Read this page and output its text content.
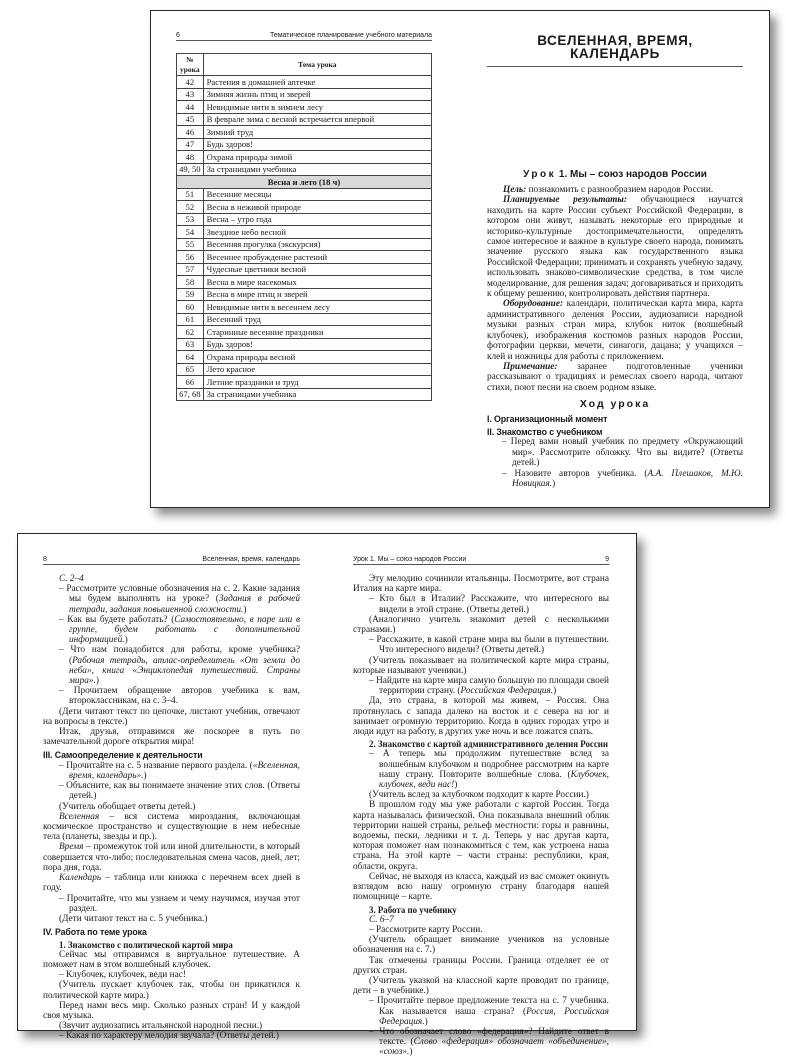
6	Тематическое планирование учебного материала
№ урока	Тема урока
42	Растения в домашней аптечке
43	Зимняя жизнь птиц и зверей
44	Невидимые нити в зимнем лесу
45	В феврале зима с весной встречается впервой
46	Зимний труд
47	Будь здоров!
48	Охрана природы зимой
49, 50	За страницами учебника
Весна и лето (18 ч)	
51	Весенние месяцы
52	Весна в неживой природе
53	Весна – утро года
54	Звездное небо весной
55	Весенняя прогулка (экскурсия)
56	Весеннее пробуждение растений
57	Чудесные цветники весной
58	Весна в мире насекомых
59	Весна в мире птиц и зверей
60	Невидимые нити в весеннем лесу
61	Весенний труд
62	Старинные весенние праздники
63	Будь здоров!
64	Охрана природы весной
65	Лето красное
66	Летние праздники и труд
67, 68	За страницами учебника
ВСЕЛЕННАЯ, ВРЕМЯ,
КАЛЕНДАРЬ
Урок 1. Мы – союз народов России
Цель: познакомить с разнообразием народов России.
Планируемые результаты: обучающиеся научатся находить на карте России субъект Российской Федерации, в котором они живут, называть некоторые его природные и историко-культурные достопримечательности, определять самое интересное и важное в культуре своего народа, понимать значение русского языка как государственного языка Российской Федерации; принимать и сохранять учебную задачу, использовать знаково-символические средства, в том числе моделирование, для решения задач; договариваться и приходить к общему решению, контролировать действия партнера.
Оборудование: календари, политическая карта мира, карта административного деления России, аудиозаписи народной музыки разных стран мира, клубок ниток (волшебный клубочек), изображения костюмов разных народов России, фотографии церкви, мечети, синагоги, дацана; у учащихся – клей и ножницы для работы с приложением.
Примечание: заранее подготовленные ученики рассказывают о традициях и ремеслах своего народа, читают стихи, поют песни на своем родном языке.
Ход урока
I. Организационный момент
II. Знакомство с учебником
– Перед вами новый учебник по предмету «Окружающий мир». Рассмотрите обложку. Что вы видите? (Ответы детей.)
– Назовите авторов учебника. (А.А. Плешаков, М.Ю. Новицкая.)
8	Вселенная, время, календарь
С. 2–4
– Рассмотрите условные обозначения на с. 2. Какие задания мы будем выполнять на уроке? (Задания в рабочей тетради, задания повышенной сложности.)
– Как вы будете работать? (Самостоятельно, в паре или в группе, будем работать с дополнительной информацией.)
– Что нам понадобится для работы, кроме учебника? (Рабочая тетрадь, атлас-определитель «От земли до неба», книга «Энциклопедия путешествий. Страны мира».)
– Прочитаем обращение авторов учебника к вам, второклассникам, на с. 3–4.
(Дети читают текст по цепочке, листают учебник, отвечают на вопросы в тексте.)
Итак, друзья, отправимся же поскорее в путь по замечательной дороге открытия мира!
III. Самоопределение к деятельности
– Прочитайте на с. 5 название первого раздела. («Вселенная, время, календарь».)
– Объясните, как вы понимаете значение этих слов. (Ответы детей.)
(Учитель обобщает ответы детей.)
Вселенная – вся система мироздания, включающая космическое пространство и существующие в нем небесные тела (планеты, звезды и пр.).
Время – промежуток той или иной длительности, в который совершается что-либо; последовательная смена часов, дней, лет; пора дня, года.
Календарь – таблица или книжка с перечнем всех дней в году.
– Прочитайте, что мы узнаем и чему научимся, изучая этот раздел.
(Дети читают текст на с. 5 учебника.)
IV. Работа по теме урока
1. Знакомство с политической картой мира
Сейчас мы отправимся в виртуальное путешествие. А поможет нам в этом волшебный клубочек.
– Клубочек, клубочек, веди нас!
(Учитель пускает клубочек так, чтобы он прикатился к политической карте мира.)
Перед нами весь мир. Сколько разных стран! И у каждой своя музыка.
(Звучит аудиозапись итальянской народной песни.)
– Какая по характеру мелодия звучала? (Ответы детей.)
Урок 1. Мы – союз народов России	9
Эту мелодию сочинили итальянцы. Посмотрите, вот страна Италия на карте мира.
– Кто был в Италии? Расскажите, что интересного вы видели в этой стране. (Ответы детей.)
(Аналогично учитель знакомит детей с несколькими странами.)
– Расскажите, в какой стране мира вы были в путешествии. Что интересного видели? (Ответы детей.)
(Учитель показывает на политической карте мира страны, которые называют ученики.)
– Найдите на карте мира самую большую по площади своей территории страну. (Российская Федерация.)
Да, это страна, в которой мы живем, – Россия. Она протянулась с запада далеко на восток и с севера на юг и занимает огромную территорию. Когда в одних городах утро и люди идут на работу, в других уже ночь и все ложатся спать.
2. Знакомство с картой административного деления России
– А теперь мы продолжим путешествие вслед за волшебным клубочком и подробнее рассмотрим на карте нашу страну. Повторите волшебные слова. (Клубочек, клубочек, веди нас!)
(Учитель вслед за клубочком подходит к карте России.)
В прошлом году мы уже работали с картой России. Тогда карта называлась физической. Она показывала внешний облик территории нашей страны, рельеф местности: горы и равнины, водоемы, пески, ледники и т. д. Теперь у нас другая карта, которая поможет нам познакомиться с тем, как устроена наша страна. На этой карте – части страны: республики, края, области, округа.
Сейчас, не выходя из класса, каждый из вас сможет окинуть взглядом всю нашу огромную страну благодаря нашей помощнице – карте.
3. Работа по учебнику
С. 6–7
– Рассмотрите карту России.
(Учитель обращает внимание учеников на условные обозначения на с. 7.)
Так отмечены границы России. Граница отделяет ее от других стран.
(Учитель указкой на классной карте проводит по границе, дети – в учебнике.)
– Прочитайте первое предложение текста на с. 7 учебника. Как называется наша страна? (Россия, Российская Федерация.)
– Что обозначает слово «федерация»? Найдите ответ в тексте. (Слово «федерация» обозначает «объединение», «союз».)
